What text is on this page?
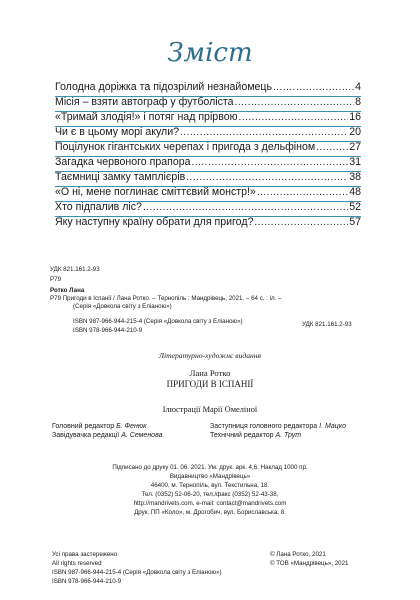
Зміст
Голодна доріжка та підозрілий незнайомець .....	4
Місія – взяти автограф у футболіста .....	8
«Тримай злодія!» і потяг над прірвою .....	16
Чи є в цьому морі акули? .....	20
Поцілунок гігантських черепах і пригода з дельфіном .....	27
Загадка червоного прапора .....	31
Таємниці замку тамплієрів .....	38
«О ні, мене поглинає сміттєвий монстр!» .....	48
Хто підпалив ліс? .....	52
Яку наступну країну обрати для пригод? .....	57
УДК 821.161.2-93
Р79
Ротко Лана
Р79 Пригоди в Іспанії / Лана Ротко. – Тернопіль : Мандрівець, 2021. – 64 с. : іл. –
(Серія «Довкола світу з Еліаною»)
ISBN 987-966-944-215-4 (Серія «Довкола світу з Еліаною»)
ISBN 978-966-944-210-9
УДК 821.161.2-93
Літературно-художнє видання
Лана Ротко
ПРИГОДИ В ІСПАНІЇ
Ілюстрації Марії Омеліної
Головний редактор Б. Фенюк
Завідувачка редакції А. Семенова
Заступниця головного редактора І. Мацко
Технічний редактор А. Трут
Підписано до друку 01. 06. 2021. Ум. друк. арк. 4,6. Наклад 1000 пр.
Видавництво «Мандрівець»
46400, м. Тернопіль, вул. Текстильна, 18.
Тел. (0352) 52-06-20, тел./факс (0352) 52-43-38,
http://mandrivets.com, e-mail: contact@mandrivets.com
Друк. ПП «Коло», м. Дрогобич, вул. Бориславська, 8.
Усі права застережено
All rights reserved
ISBN 987-966-944-215-4 (Серія «Довкола світу з Еліаною»)
ISBN 978-966-944-210-9
© Лана Ротко, 2021
© ТОВ «Мандрівець», 2021
